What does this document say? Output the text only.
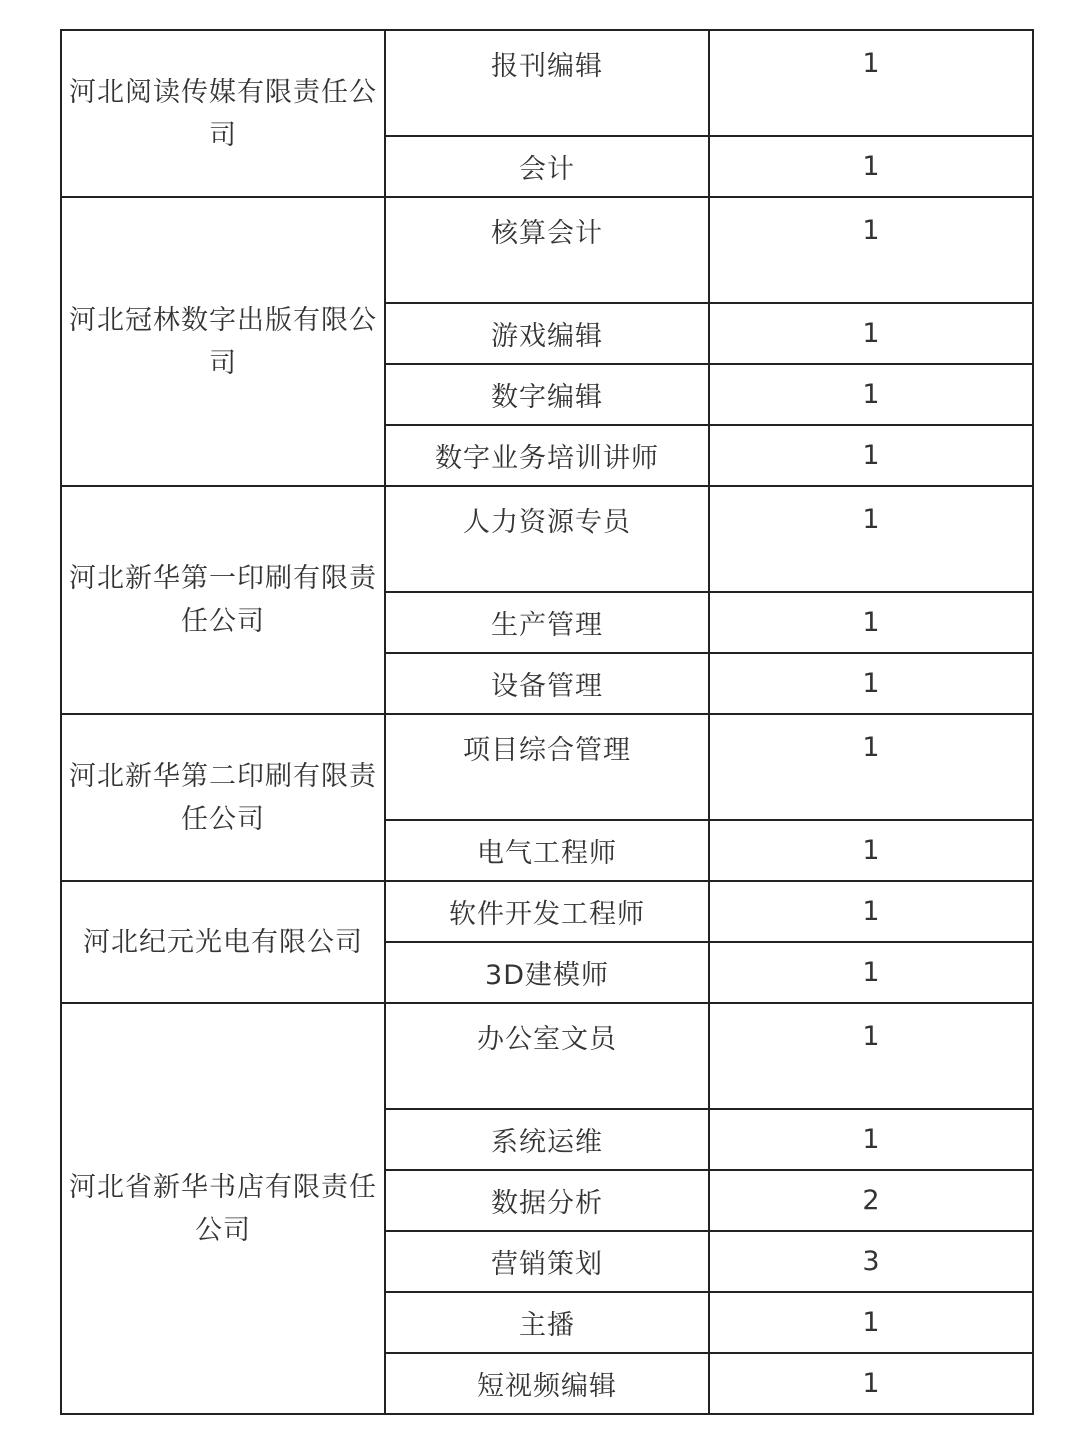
河北阅读传媒有限责任公司	报刊编辑	1
	会计	1
河北冠林数字出版有限公司	核算会计	1
	游戏编辑	1
	数字编辑	1
	数字业务培训讲师	1
河北新华第一印刷有限责任公司	人力资源专员	1
	生产管理	1
	设备管理	1
河北新华第二印刷有限责任公司	项目综合管理	1
	电气工程师	1
河北纪元光电有限公司	软件开发工程师	1
	3D建模师	1
河北省新华书店有限责任公司	办公室文员	1
	系统运维	1
	数据分析	2
	营销策划	3
	主播	1
	短视频编辑	1
